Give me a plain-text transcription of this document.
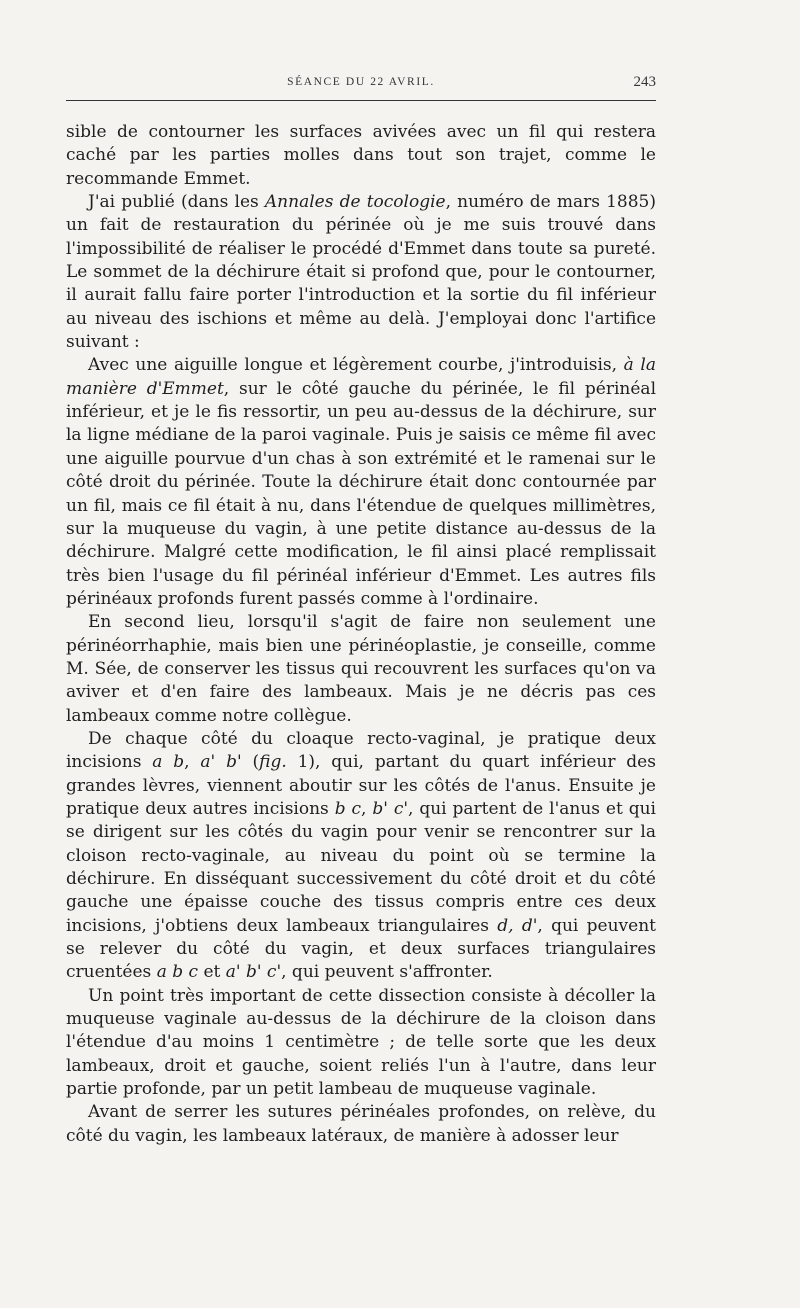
SÉANCE DU 22 AVRIL.	243

sible de contourner les surfaces avivées avec un fil qui restera caché par les parties molles dans tout son trajet, comme le recommande Emmet.

J'ai publié (dans les Annales de tocologie, numéro de mars 1885) un fait de restauration du périnée où je me suis trouvé dans l'impossibilité de réaliser le procédé d'Emmet dans toute sa pureté. Le sommet de la déchirure était si profond que, pour le contourner, il aurait fallu faire porter l'introduction et la sortie du fil inférieur au niveau des ischions et même au delà. J'employai donc l'artifice suivant :

Avec une aiguille longue et légèrement courbe, j'introduisis, à la manière d'Emmet, sur le côté gauche du périnée, le fil périnéal inférieur, et je le fis ressortir, un peu au-dessus de la déchirure, sur la ligne médiane de la paroi vaginale. Puis je saisis ce même fil avec une aiguille pourvue d'un chas à son extrémité et le ramenai sur le côté droit du périnée. Toute la déchirure était donc contournée par un fil, mais ce fil était à nu, dans l'étendue de quelques millimètres, sur la muqueuse du vagin, à une petite distance au-dessus de la déchirure. Malgré cette modification, le fil ainsi placé remplissait très bien l'usage du fil périnéal inférieur d'Emmet. Les autres fils périnéaux profonds furent passés comme à l'ordinaire.

En second lieu, lorsqu'il s'agit de faire non seulement une périnéorrhaphie, mais bien une périnéoplastie, je conseille, comme M. Sée, de conserver les tissus qui recouvrent les surfaces qu'on va aviver et d'en faire des lambeaux. Mais je ne décris pas ces lambeaux comme notre collègue.

De chaque côté du cloaque recto-vaginal, je pratique deux incisions a b, a' b' (fig. 1), qui, partant du quart inférieur des grandes lèvres, viennent aboutir sur les côtés de l'anus. Ensuite je pratique deux autres incisions b c, b' c', qui partent de l'anus et qui se dirigent sur les côtés du vagin pour venir se rencontrer sur la cloison recto-vaginale, au niveau du point où se termine la déchirure. En disséquant successivement du côté droit et du côté gauche une épaisse couche des tissus compris entre ces deux incisions, j'obtiens deux lambeaux triangulaires d, d', qui peuvent se relever du côté du vagin, et deux surfaces triangulaires cruentées a b c et a' b' c', qui peuvent s'affronter.

Un point très important de cette dissection consiste à décoller la muqueuse vaginale au-dessus de la déchirure de la cloison dans l'étendue d'au moins 1 centimètre ; de telle sorte que les deux lambeaux, droit et gauche, soient reliés l'un à l'autre, dans leur partie profonde, par un petit lambeau de muqueuse vaginale.

Avant de serrer les sutures périnéales profondes, on relève, du côté du vagin, les lambeaux latéraux, de manière à adosser leur
